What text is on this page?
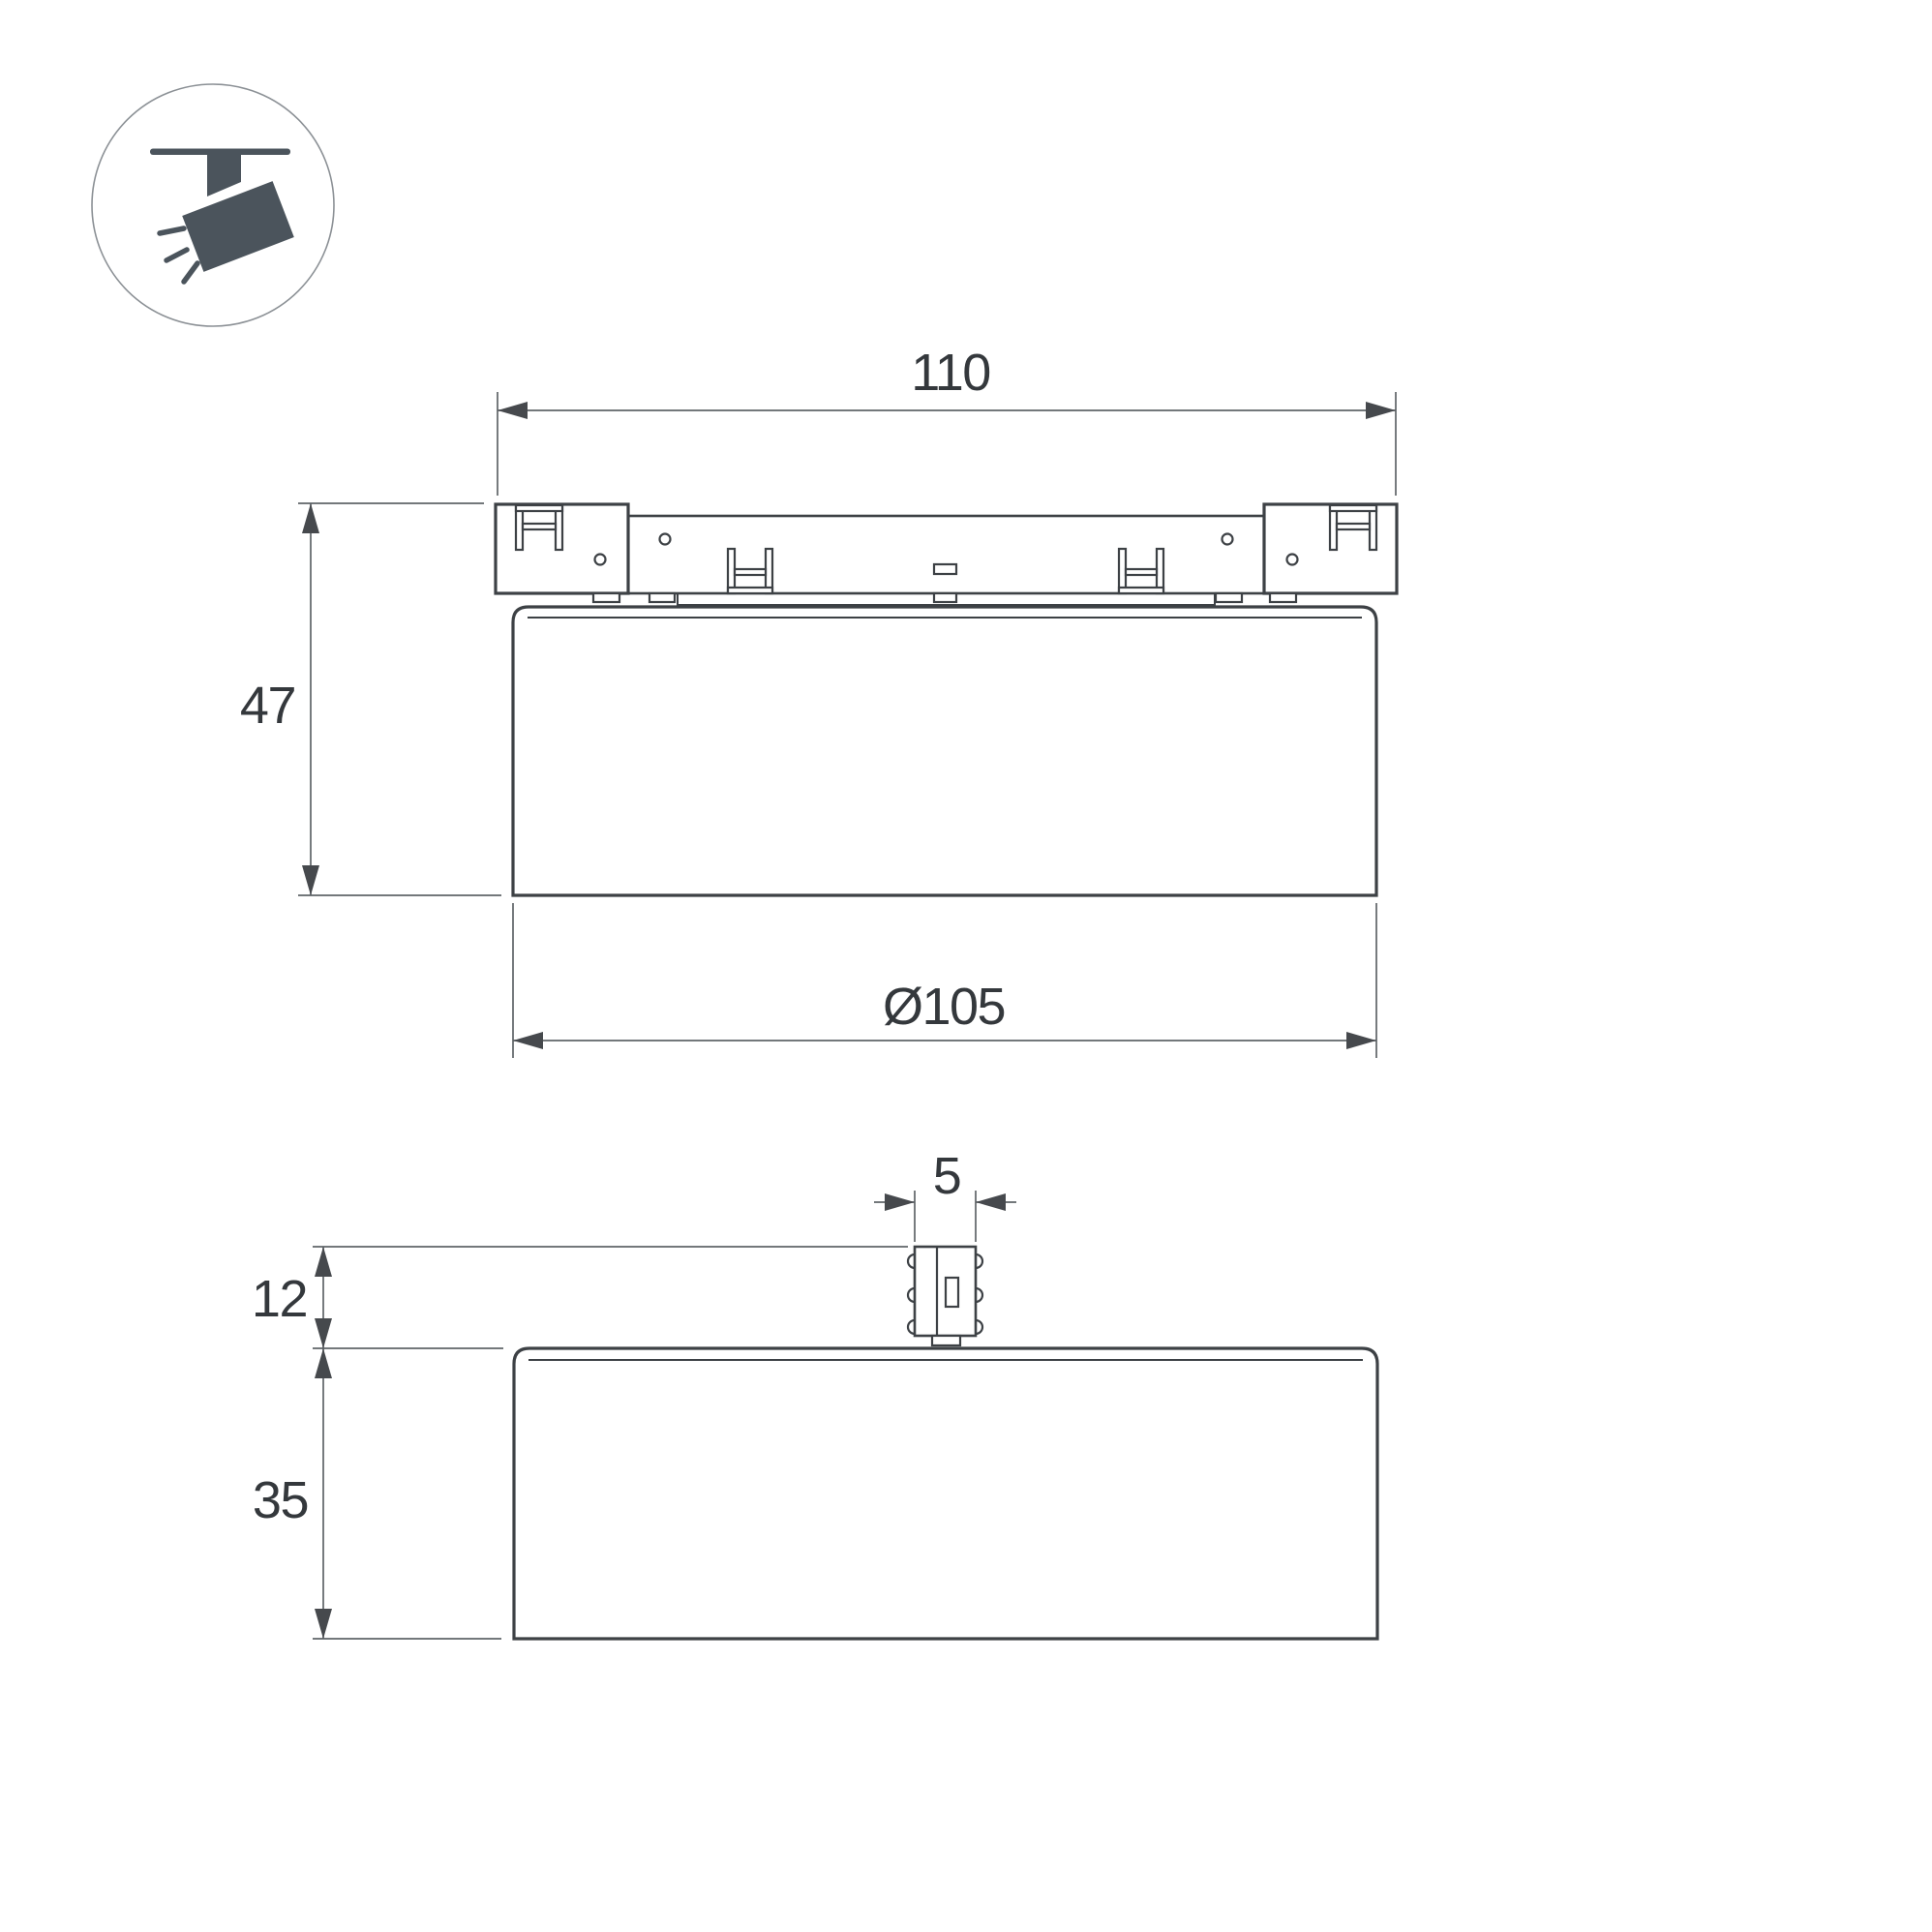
110
47
Ø105
5
12
35
